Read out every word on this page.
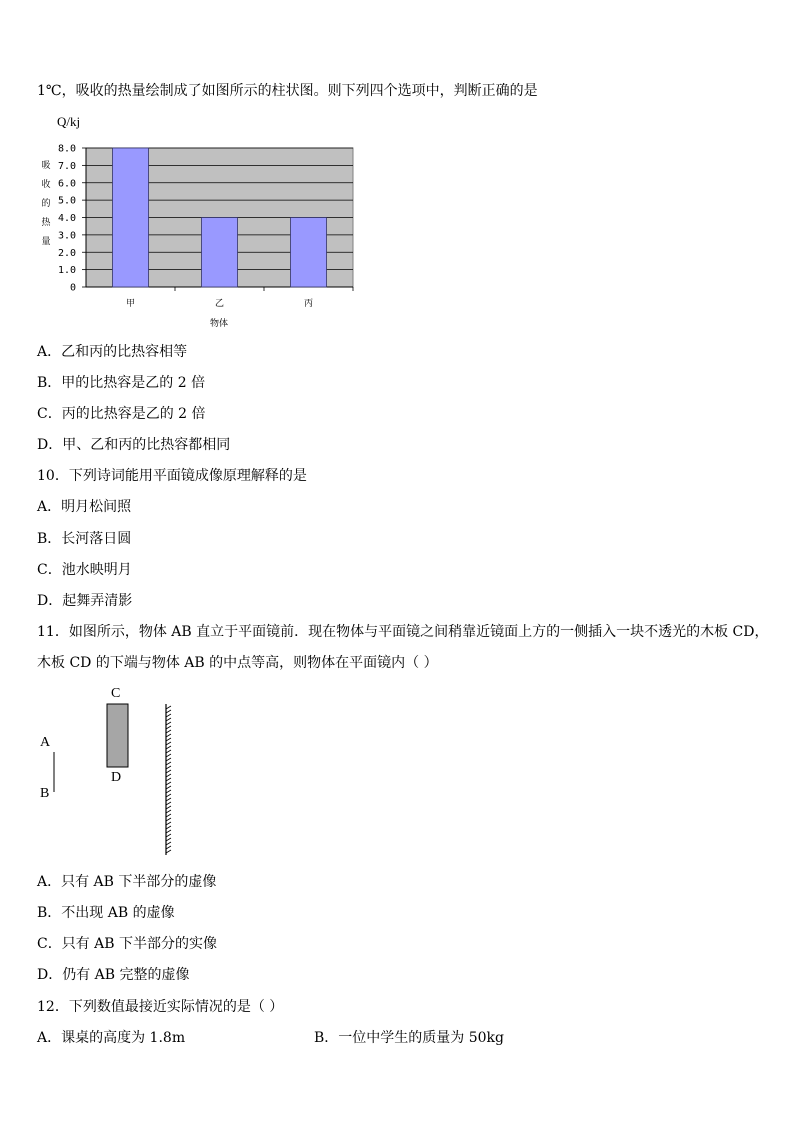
1℃，吸收的热量绘制成了如图所示的柱状图。则下列四个选项中，判断正确的是
Q/kj
0
1.0
2.0
3.0
4.0
5.0
6.0
7.0
8.0
甲	乙	丙
吸
收
的
热
量
物体
A．乙和丙的比热容相等
B．甲的比热容是乙的 2 倍
C．丙的比热容是乙的 2 倍
D．甲、乙和丙的比热容都相同
10．下列诗词能用平面镜成像原理解释的是
A．明月松间照
B．长河落日圆
C．池水映明月
D．起舞弄清影
11．如图所示，物体 AB 直立于平面镜前．现在物体与平面镜之间稍靠近镜面上方的一侧插入一块不透光的木板 CD，
木板 CD 的下端与物体 AB 的中点等高，则物体在平面镜内（ ）
A
B
C
D
A．只有 AB 下半部分的虚像
B．不出现 AB 的虚像
C．只有 AB 下半部分的实像
D．仍有 AB 完整的虚像
12．下列数值最接近实际情况的是（ ）
A．课桌的高度为 1.8m	B．一位中学生的质量为 50kg
